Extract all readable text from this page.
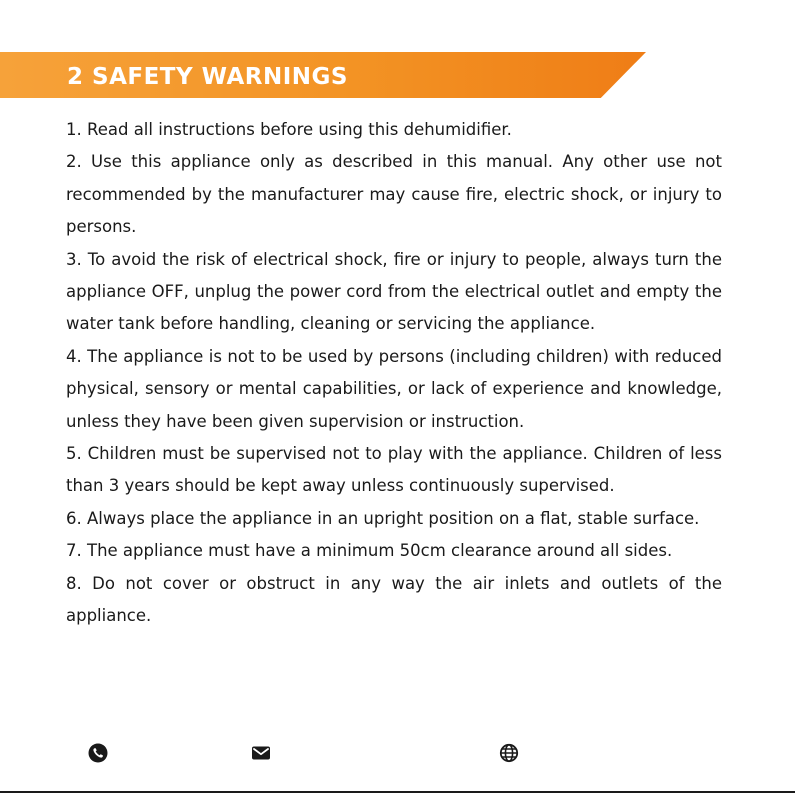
2 SAFETY WARNINGS

1. Read all instructions before using this dehumidifier.

2. Use this appliance only as described in this manual. Any other use not recommended by the manufacturer may cause fire, electric shock, or injury to persons.

3. To avoid the risk of electrical shock, fire or injury to people, always turn the appliance OFF, unplug the power cord from the electrical outlet and empty the water tank before handling, cleaning or servicing the appliance.

4. The appliance is not to be used by persons (including children) with reduced physical, sensory or mental capabilities, or lack of experience and knowledge, unless they have been given supervision or instruction.

5. Children must be supervised not to play with the appliance. Children of less than 3 years should be kept away unless continuously supervised.

6. Always place the appliance in an upright position on a flat, stable surface.

7. The appliance must have a minimum 50cm clearance around all sides.

8. Do not cover or obstruct in any way the air inlets and outlets of the appliance.
